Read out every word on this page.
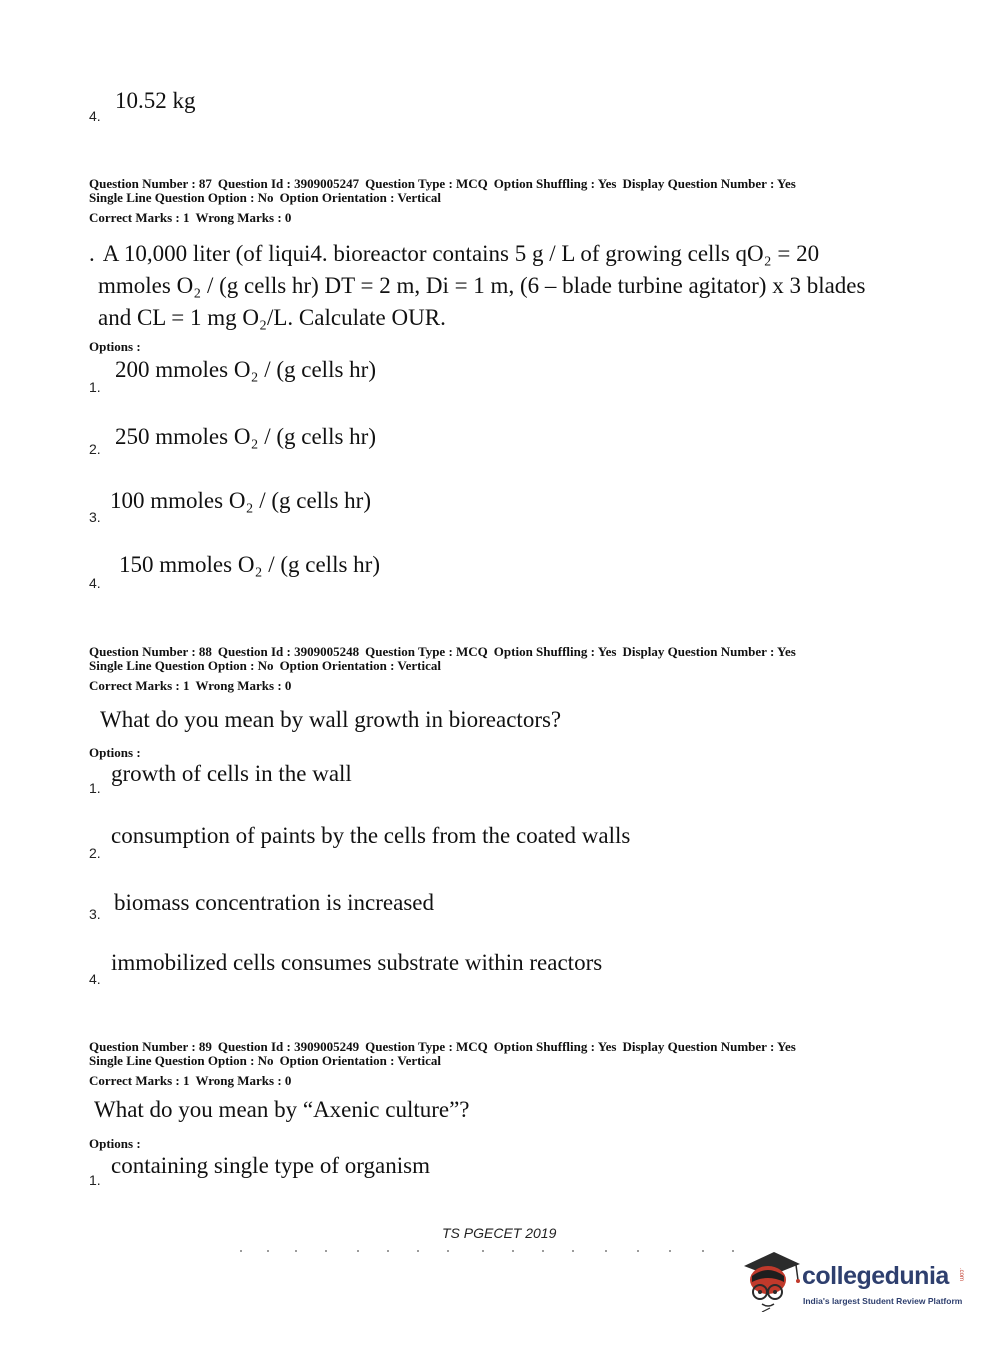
4.
10.52 kg
Question Number : 87 Question Id : 3909005247 Question Type : MCQ Option Shuffling : Yes Display Question Number : Yes
Single Line Question Option : No Option Orientation : Vertical
Correct Marks : 1 Wrong Marks : 0
. A 10,000 liter (of liqui4. bioreactor contains 5 g / L of growing cells qO₂ = 20
mmoles O₂ / (g cells hr) DT = 2 m, Di = 1 m, (6 – blade turbine agitator) x 3 blades
and CL = 1 mg O₂/L. Calculate OUR.
Options :
1.
200 mmoles O₂ / (g cells hr)
2. 250 mmoles O₂ / (g cells hr)
3.
100 mmoles O₂ / (g cells hr)
4.
150 mmoles O₂ / (g cells hr)
Question Number : 88 Question Id : 3909005248 Question Type : MCQ Option Shuffling : Yes Display Question Number : Yes
Single Line Question Option : No Option Orientation : Vertical
Correct Marks : 1 Wrong Marks : 0
What do you mean by wall growth in bioreactors?
Options :
1.
growth of cells in the wall
2.
consumption of paints by the cells from the coated walls
3. biomass concentration is increased
4.
immobilized cells consumes substrate within reactors
Question Number : 89 Question Id : 3909005249 Question Type : MCQ Option Shuffling : Yes Display Question Number : Yes
Single Line Question Option : No Option Orientation : Vertical
Correct Marks : 1 Wrong Marks : 0
What do you mean by “Axenic culture”?
Options :
1.
containing single type of organism
TS PGECET 2019
collegedunia .com
India's largest Student Review Platform
